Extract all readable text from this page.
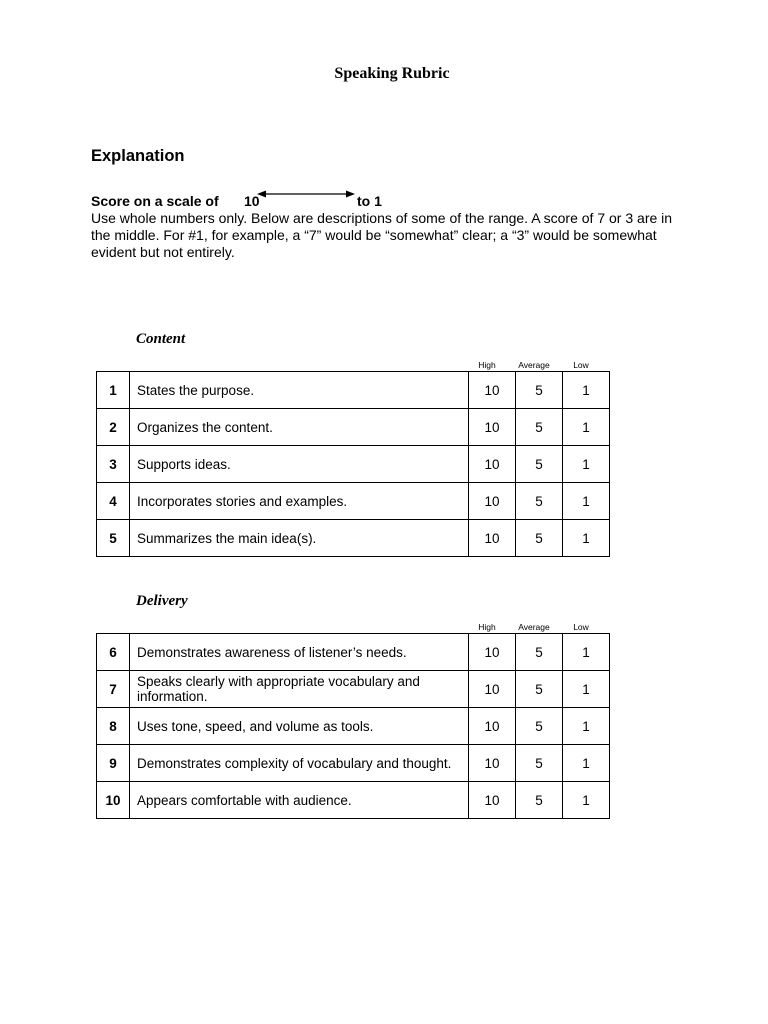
Speaking Rubric
Explanation
Score on a scale of 10	to 1
Use whole numbers only. Below are descriptions of some of the range. A score of 7 or 3 are in the middle. For #1, for example, a “7” would be “somewhat” clear; a “3” would be somewhat evident but not entirely.
Content
High	Average	Low
1	States the purpose.	10	5	1
2	Organizes the content.	10	5	1
3	Supports ideas.	10	5	1
4	Incorporates stories and examples.	10	5	1
5	Summarizes the main idea(s).	10	5	1
Delivery
High	Average	Low
6	Demonstrates awareness of listener’s needs.	10	5	1
7	Speaks clearly with appropriate vocabulary and information.	10	5	1
8	Uses tone, speed, and volume as tools.	10	5	1
9	Demonstrates complexity of vocabulary and thought.	10	5	1
10	Appears comfortable with audience.	10	5	1
